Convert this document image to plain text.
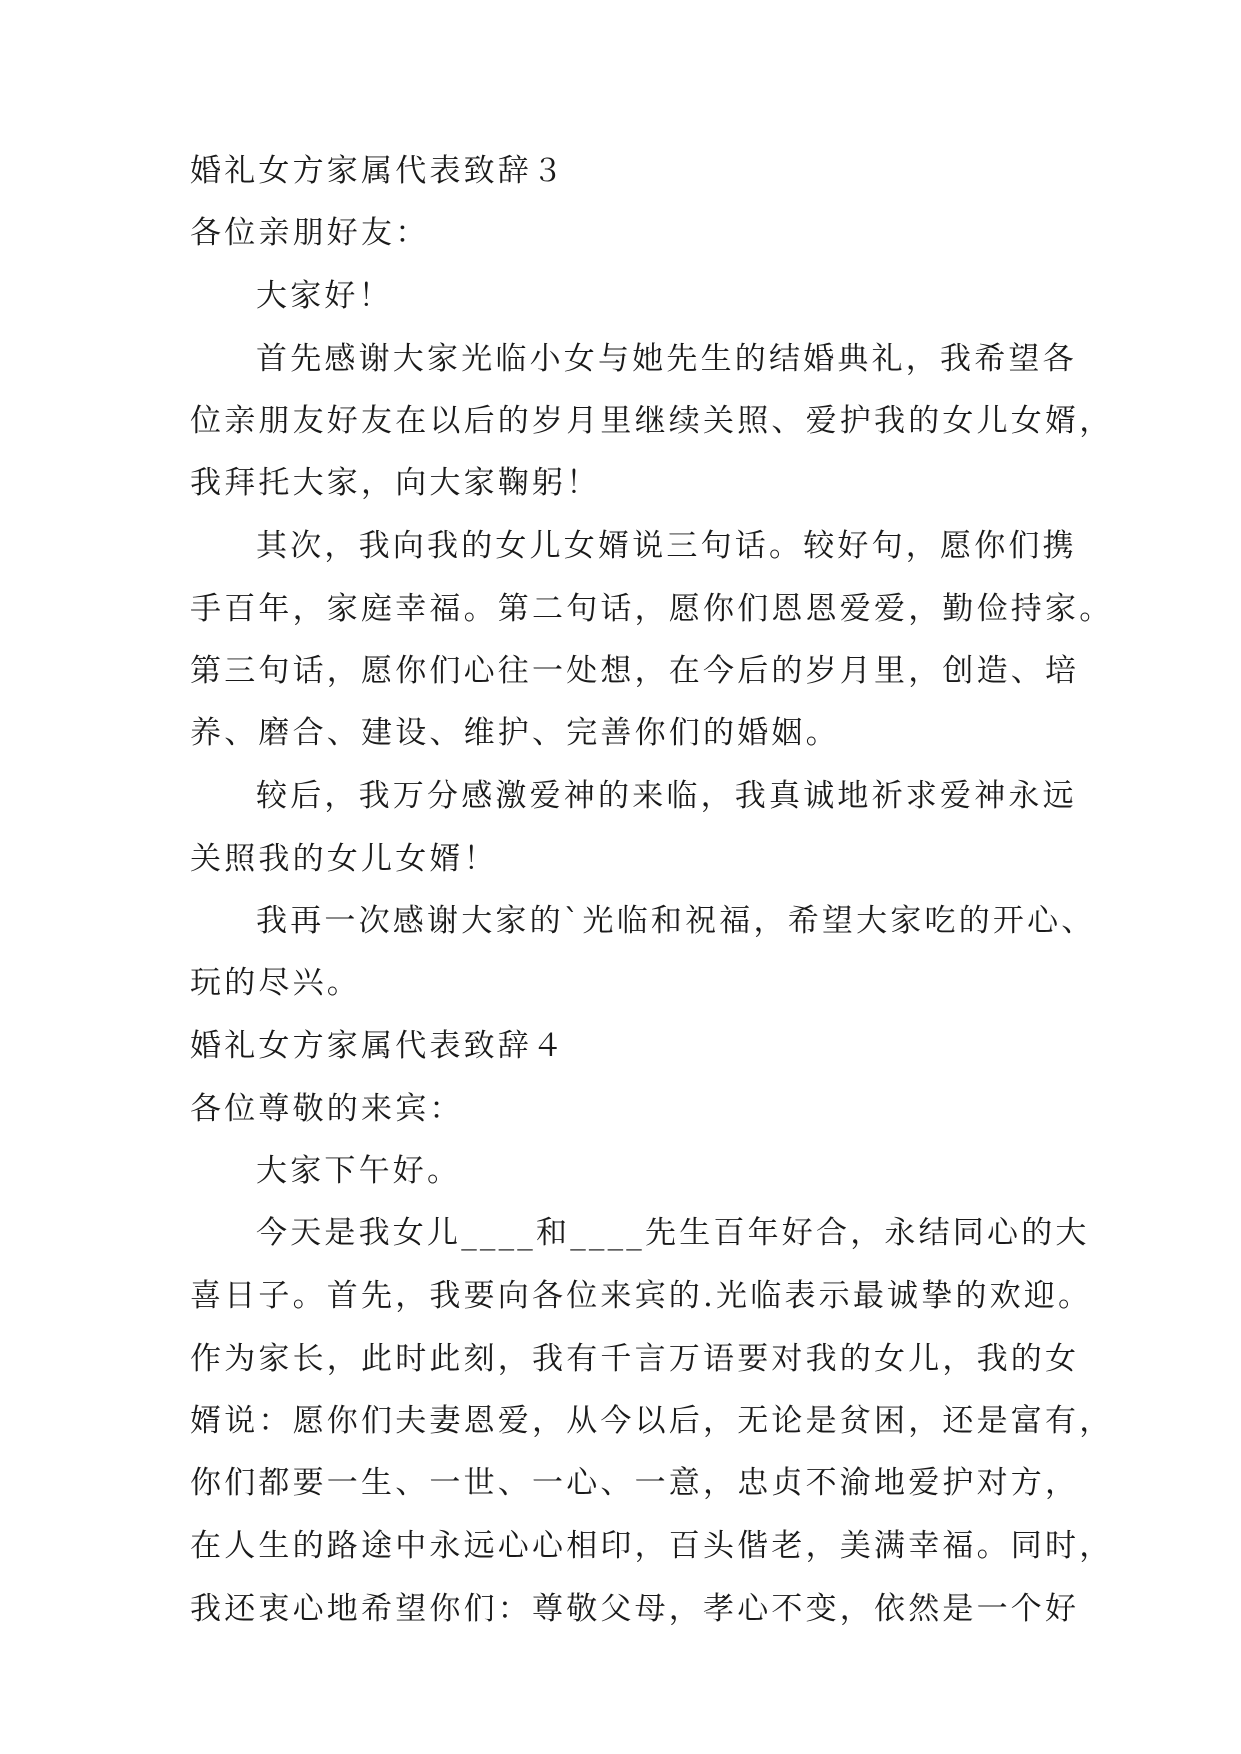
婚礼女方家属代表致辞３
各位亲朋好友：
大家好！
首先感谢大家光临小女与她先生的结婚典礼，我希望各
位亲朋友好友在以后的岁月里继续关照、爱护我的女儿女婿，
我拜托大家，向大家鞠躬！
其次，我向我的女儿女婿说三句话。较好句，愿你们携
手百年，家庭幸福。第二句话，愿你们恩恩爱爱，勤俭持家。
第三句话，愿你们心往一处想，在今后的岁月里，创造、培
养、磨合、建设、维护、完善你们的婚姻。
较后，我万分感激爱神的来临，我真诚地祈求爱神永远
关照我的女儿女婿！
我再一次感谢大家的`光临和祝福，希望大家吃的开心、
玩的尽兴。
婚礼女方家属代表致辞４
各位尊敬的来宾：
大家下午好。
今天是我女儿____和____先生百年好合，永结同心的大
喜日子。首先，我要向各位来宾的.光临表示最诚挚的欢迎。
作为家长，此时此刻，我有千言万语要对我的女儿，我的女
婿说：愿你们夫妻恩爱，从今以后，无论是贫困，还是富有，
你们都要一生、一世、一心、一意，忠贞不渝地爱护对方，
在人生的路途中永远心心相印，百头偕老，美满幸福。同时，
我还衷心地希望你们：尊敬父母，孝心不变，依然是一个好
